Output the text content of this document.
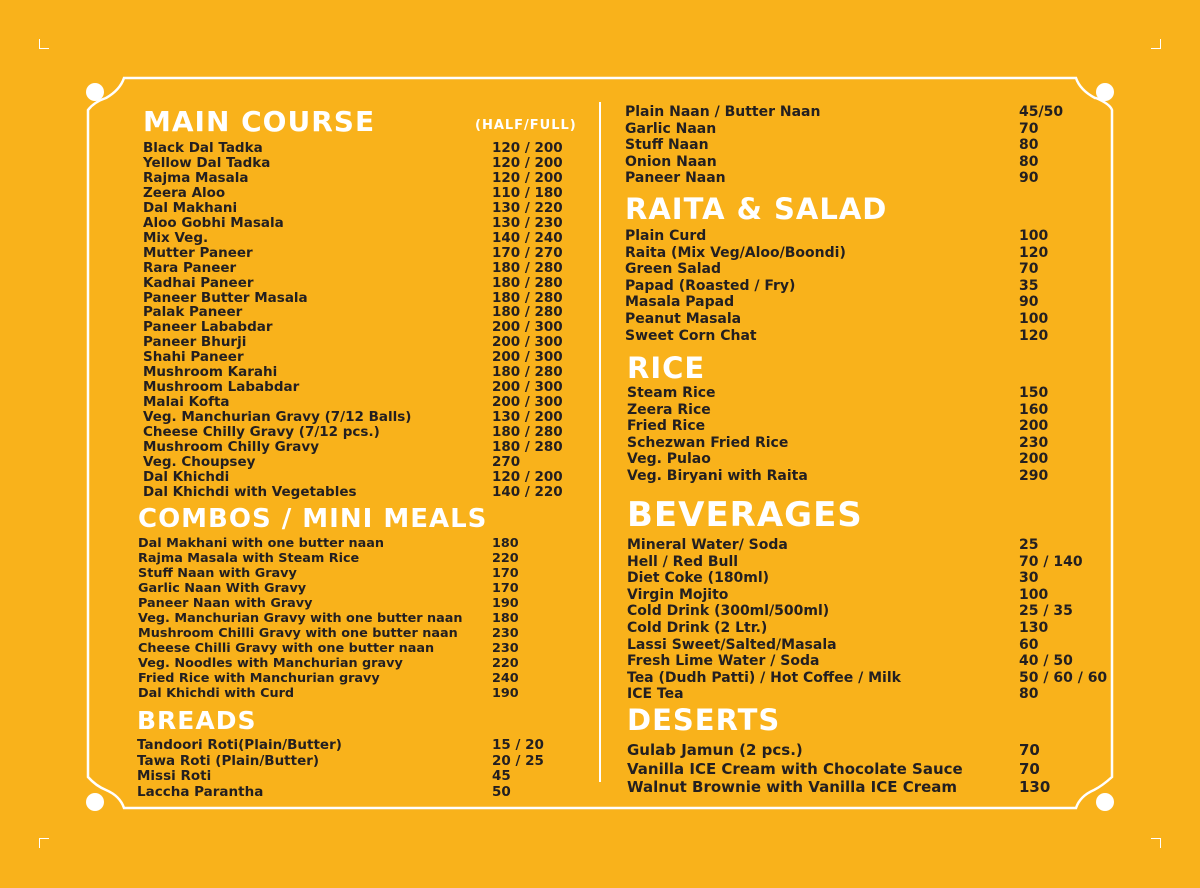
MAIN COURSE	(HALF/FULL)
Black Dal Tadka	120 / 200
Yellow Dal Tadka	120 / 200
Rajma Masala	120 / 200
Zeera Aloo	110 / 180
Dal Makhani	130 / 220
Aloo Gobhi Masala	130 / 230
Mix Veg.	140 / 240
Mutter Paneer	170 / 270
Rara Paneer	180 / 280
Kadhai Paneer	180 / 280
Paneer Butter Masala	180 / 280
Palak Paneer	180 / 280
Paneer Lababdar	200 / 300
Paneer Bhurji	200 / 300
Shahi Paneer	200 / 300
Mushroom Karahi	180 / 280
Mushroom Lababdar	200 / 300
Malai Kofta	200 / 300
Veg. Manchurian Gravy (7/12 Balls)	130 / 200
Cheese Chilly Gravy (7/12 pcs.)	180 / 280
Mushroom Chilly Gravy	180 / 280
Veg. Choupsey	270
Dal Khichdi	120 / 200
Dal Khichdi with Vegetables	140 / 220
COMBOS / MINI MEALS
Dal Makhani with one butter naan	180
Rajma Masala with Steam Rice	220
Stuff Naan with Gravy	170
Garlic Naan With Gravy	170
Paneer Naan with Gravy	190
Veg. Manchurian Gravy with one butter naan 180
Mushroom Chilli Gravy with one butter naan	230
Cheese Chilli Gravy with one butter naan	230
Veg. Noodles with Manchurian gravy	220
Fried Rice with Manchurian gravy	240
Dal Khichdi with Curd	190
BREADS
Tandoori Roti(Plain/Butter)	15 / 20
Tawa Roti (Plain/Butter)	20 / 25
Missi Roti	45
Laccha Parantha	50
Plain Naan / Butter Naan	45/50
Garlic Naan	70
Stuff Naan	80
Onion Naan	80
Paneer Naan	90
RAITA & SALAD
Plain Curd	100
Raita (Mix Veg/Aloo/Boondi)	120
Green Salad	70
Papad (Roasted / Fry)	35
Masala Papad	90
Peanut Masala	100
Sweet Corn Chat	120
RICE
Steam Rice	150
Zeera Rice	160
Fried Rice	200
Schezwan Fried Rice	230
Veg. Pulao	200
Veg. Biryani with Raita	290
BEVERAGES
Mineral Water/ Soda	25
Hell / Red Bull	70 / 140
Diet Coke (180ml)	30
Virgin Mojito	100
Cold Drink (300ml/500ml)	25 / 35
Cold Drink (2 Ltr.)	130
Lassi Sweet/Salted/Masala	60
Fresh Lime Water / Soda	40 / 50
Tea (Dudh Patti) / Hot Coffee / Milk	50 / 60 / 60
ICE Tea	80
DESERTS
Gulab Jamun (2 pcs.)	70
Vanilla ICE Cream with Chocolate Sauce	70
Walnut Brownie with Vanilla ICE Cream	130
